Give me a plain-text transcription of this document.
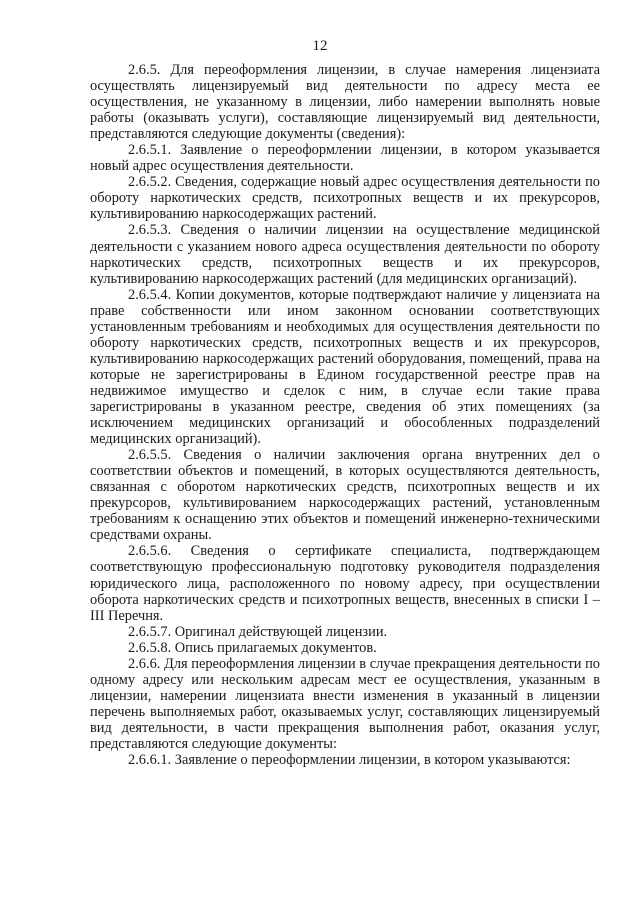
12

2.6.5. Для переоформления лицензии, в случае намерения лицензиата осуществлять лицензируемый вид деятельности по адресу места ее осуществления, не указанному в лицензии, либо намерении выполнять новые работы (оказывать услуги), составляющие лицензируемый вид деятельности, представляются следующие документы (сведения):

2.6.5.1. Заявление о переоформлении лицензии, в котором указывается новый адрес осуществления деятельности.

2.6.5.2. Сведения, содержащие новый адрес осуществления деятельности по обороту наркотических средств, психотропных веществ и их прекурсоров, культивированию наркосодержащих растений.

2.6.5.3. Сведения о наличии лицензии на осуществление медицинской деятельности с указанием нового адреса осуществления деятельности по обороту наркотических средств, психотропных веществ и их прекурсоров, культивированию наркосодержащих растений (для медицинских организаций).

2.6.5.4. Копии документов, которые подтверждают наличие у лицензиата на праве собственности или ином законном основании соответствующих установленным требованиям и необходимых для осуществления деятельности по обороту наркотических средств, психотропных веществ и их прекурсоров, культивированию наркосодержащих растений оборудования, помещений, права на которые не зарегистрированы в Едином государственной реестре прав на недвижимое имущество и сделок с ним, в случае если такие права зарегистрированы в указанном реестре, сведения об этих помещениях (за исключением медицинских организаций и обособленных подразделений медицинских организаций).

2.6.5.5. Сведения о наличии заключения органа внутренних дел о соответствии объектов и помещений, в которых осуществляются деятельность, связанная с оборотом наркотических средств, психотропных веществ и их прекурсоров, культивированием наркосодержащих растений, установленным требованиям к оснащению этих объектов и помещений инженерно-техническими средствами охраны.

2.6.5.6. Сведения о сертификате специалиста, подтверждающем соответствующую профессиональную подготовку руководителя подразделения юридического лица, расположенного по новому адресу, при осуществлении оборота наркотических средств и психотропных веществ, внесенных в списки I – III Перечня.

2.6.5.7. Оригинал действующей лицензии.

2.6.5.8. Опись прилагаемых документов.

2.6.6. Для переоформления лицензии в случае прекращения деятельности по одному адресу или нескольким адресам мест ее осуществления, указанным в лицензии, намерении лицензиата внести изменения в указанный в лицензии перечень выполняемых работ, оказываемых услуг, составляющих лицензируемый вид деятельности, в части прекращения выполнения работ, оказания услуг, представляются следующие документы:

2.6.6.1. Заявление о переоформлении лицензии, в котором указываются:
